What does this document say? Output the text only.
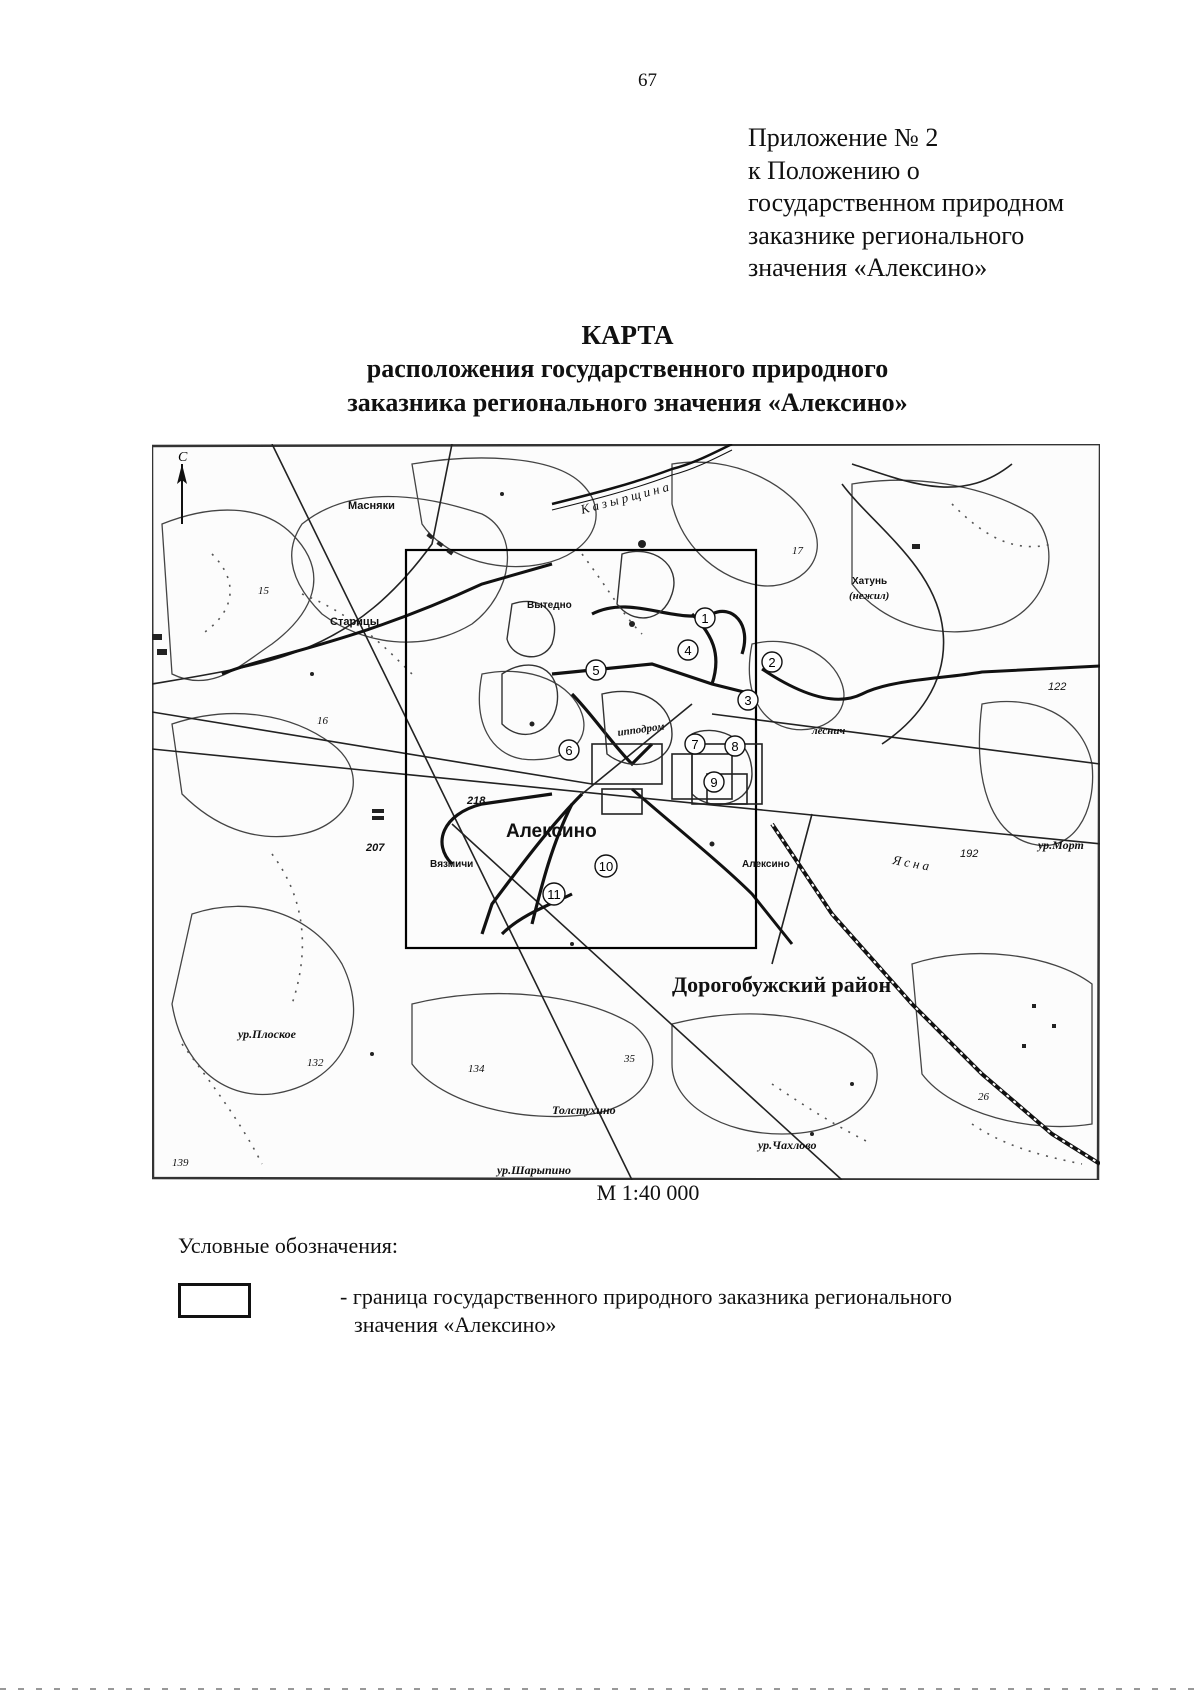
67
Приложение № 2
к Положению о
государственном природном
заказнике регионального
значения «Алексино»
КАРТА
расположения государственного природного
заказника регионального значения «Алексино»
С
Масняки
Старицы
Вытедно
Хатунь
(нежил)
леснич
Алексино
Алексино
Вязмичи
Дорогобужский район
ур.Плоское
ур.Шарыпино
ур.Чахлово
ур.Морт
К а з ы р щ и н а
Я с н а
ипподром
Толстухино
15
16
17
122
218
207	192
132	134
35
26
139
1
2
3
4
5
6	7	8
9
10
11
М 1:40 000
Условные обозначения:
- граница государственного природного заказника регионального
значения «Алексино»
